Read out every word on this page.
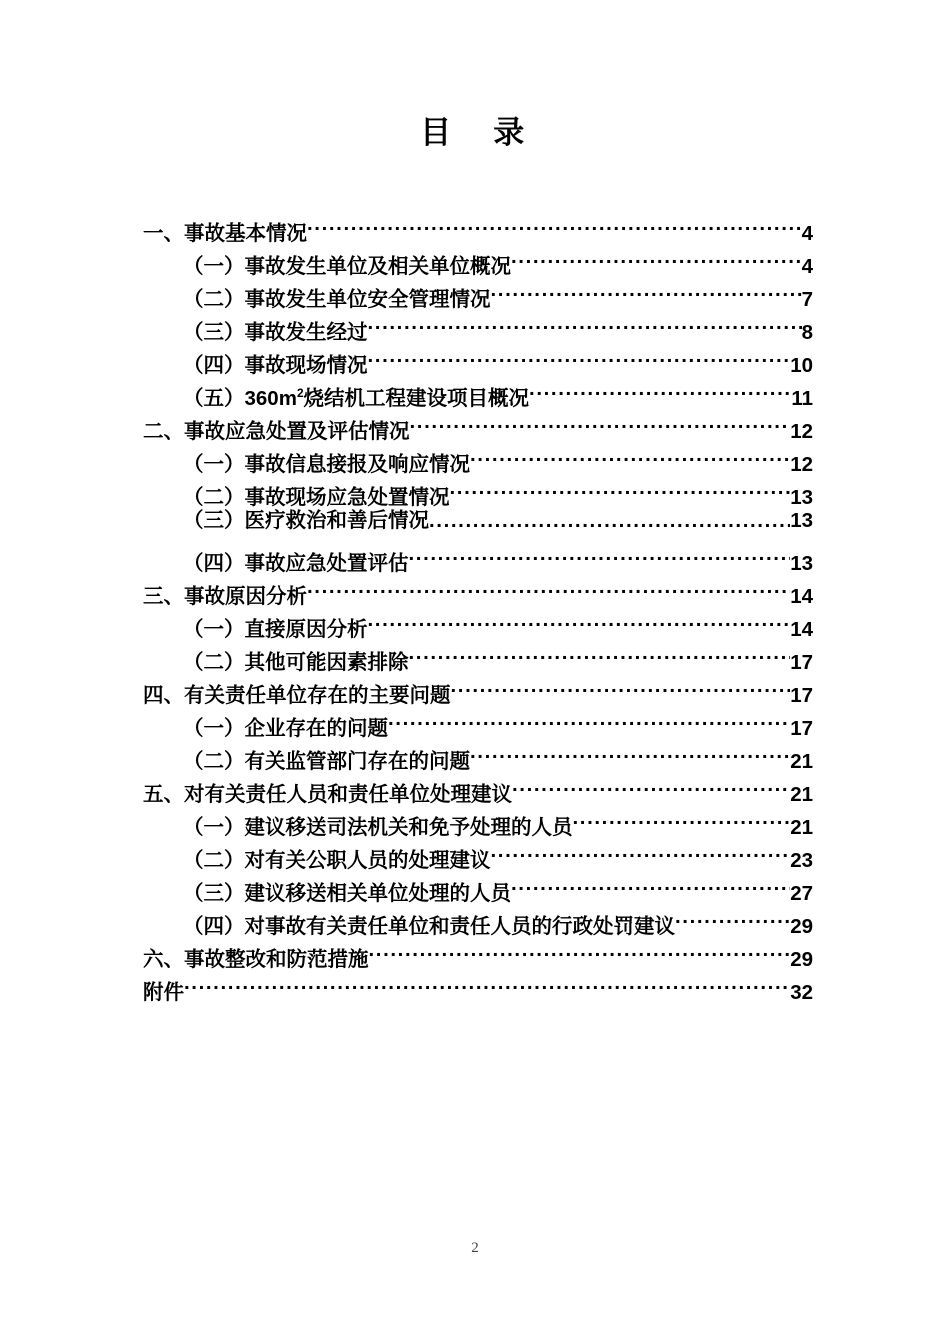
目　录
一、事故基本情况 .....	4
（一）事故发生单位及相关单位概况 .....	4
（二）事故发生单位安全管理情况 .....	7
（三）事故发生经过 .....	8
（四）事故现场情况 .....	10
（五）$360m^2$烧结机工程建设项目概况 .....	11
二、事故应急处置及评估情况 .....	12
（一）事故信息接报及响应情况 .....	12
（二）事故现场应急处置情况 .....	13
（三）医疗救治和善后情况 .....	13
（四）事故应急处置评估 .....	13
三、事故原因分析 .....	14
（一）直接原因分析 .....	14
（二）其他可能因素排除 .....	17
四、有关责任单位存在的主要问题 .....	17
（一）企业存在的问题 .....	17
（二）有关监管部门存在的问题 .....	21
五、对有关责任人员和责任单位处理建议 .....	21
（一）建议移送司法机关和免予处理的人员 .....	21
（二）对有关公职人员的处理建议 .....	23
（三）建议移送相关单位处理的人员 .....	27
（四）对事故有关责任单位和责任人员的行政处罚建议 .....	29
六、事故整改和防范措施 .....	29
附件 .....	32
2
